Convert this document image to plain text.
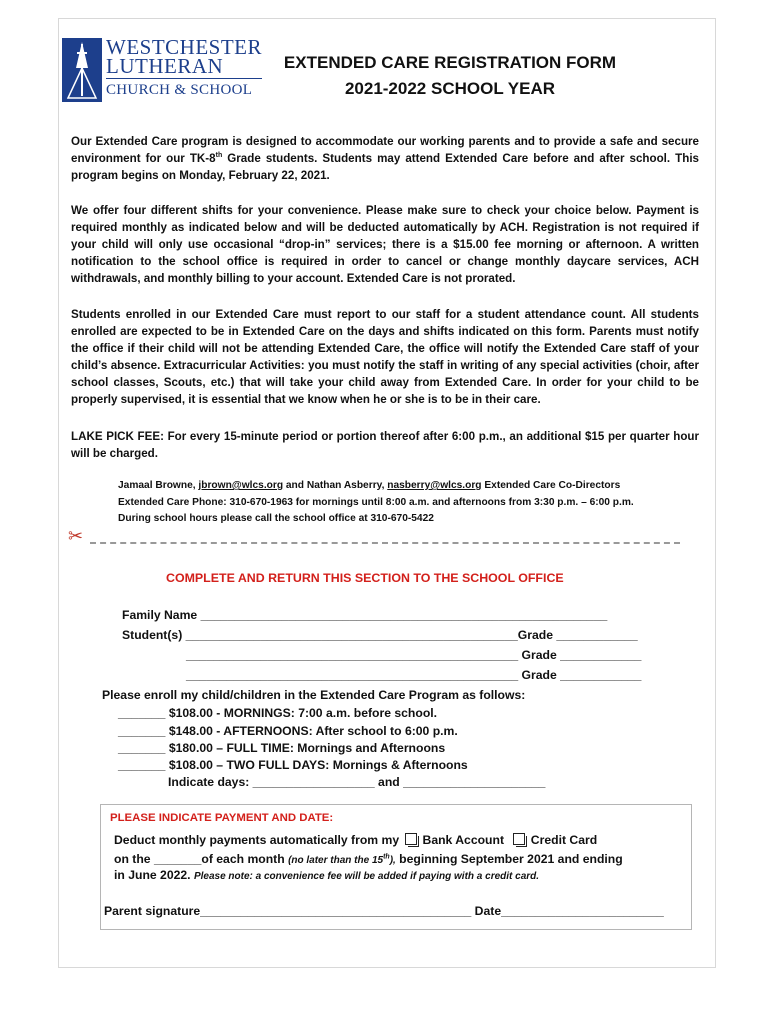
WESTCHESTER
LUTHERAN
CHURCH & SCHOOL
EXTENDED CARE REGISTRATION FORM
2021-2022 SCHOOL YEAR
Our Extended Care program is designed to accommodate our working parents and to provide a safe and secure environment for our TK-8th Grade students. Students may attend Extended Care before and after school. This program begins on Monday, February 22, 2021.
We offer four different shifts for your convenience. Please make sure to check your choice below. Payment is required monthly as indicated below and will be deducted automatically by ACH. Registration is not required if your child will only use occasional “drop-in” services; there is a $15.00 fee morning or afternoon. A written notification to the school office is required in order to cancel or change monthly daycare services, ACH withdrawals, and monthly billing to your account. Extended Care is not prorated.
Students enrolled in our Extended Care must report to our staff for a student attendance count. All students enrolled are expected to be in Extended Care on the days and shifts indicated on this form. Parents must notify the office if their child will not be attending Extended Care, the office will notify the Extended Care staff of your child’s absence. Extracurricular Activities: you must notify the staff in writing of any special activities (choir, after school classes, Scouts, etc.) that will take your child away from Extended Care. In order for your child to be properly supervised, it is essential that we know when he or she is to be in their care.
LAKE PICK FEE: For every 15-minute period or portion thereof after 6:00 p.m., an additional $15 per quarter hour will be charged.
Jamaal Browne, jbrown@wlcs.org and Nathan Asberry, nasberry@wlcs.org Extended Care Co-Directors
Extended Care Phone: 310-670-1963 for mornings until 8:00 a.m. and afternoons from 3:30 p.m. – 6:00 p.m.
During school hours please call the school office at 310-670-5422
✂
COMPLETE AND RETURN THIS SECTION TO THE SCHOOL OFFICE
Family Name ____________________________________________________________
Student(s) _________________________________________________Grade ____________
_________________________________________________ Grade ____________
_________________________________________________ Grade ____________
Please enroll my child/children in the Extended Care Program as follows:
_______ $108.00 - MORNINGS: 7:00 a.m. before school.
_______ $148.00 - AFTERNOONS: After school to 6:00 p.m.
_______ $180.00 – FULL TIME: Mornings and Afternoons
_______ $108.00 – TWO FULL DAYS: Mornings & Afternoons
Indicate days: __________________ and _____________________
PLEASE INDICATE PAYMENT AND DATE:
Deduct monthly payments automatically from my Bank Account Credit Card
on the _______of each month (no later than the 15th), beginning September 2021 and ending
in June 2022. Please note: a convenience fee will be added if paying with a credit card.
Parent signature________________________________________ Date________________________
